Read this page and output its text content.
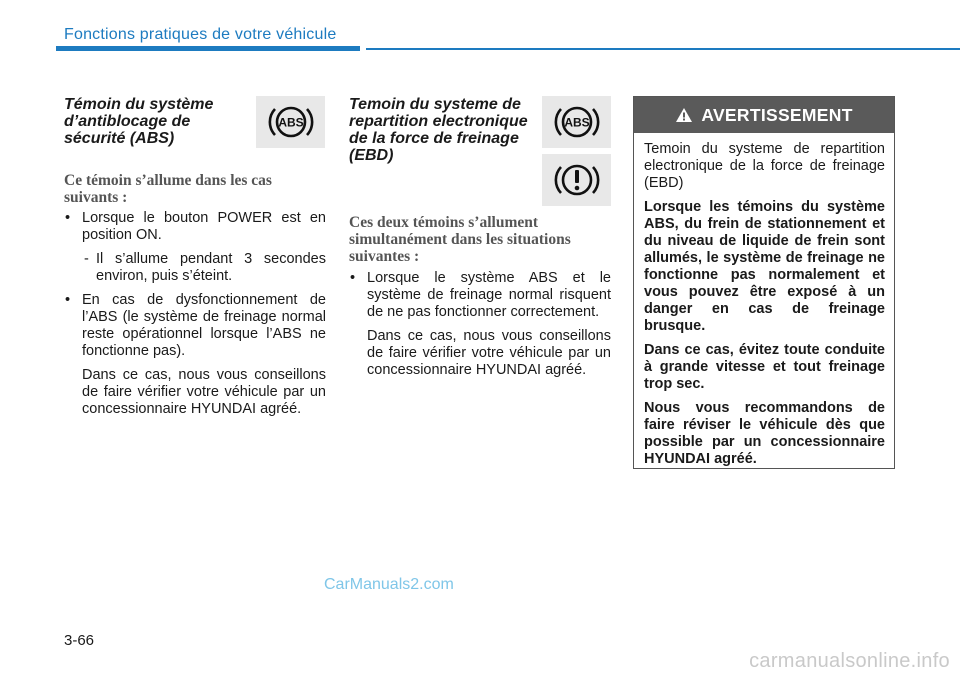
Fonctions pratiques de votre véhicule
Témoin du système d’antiblocage de sécurité (ABS)
ABS

Ce témoin s’allume dans les cas suivants :

• Lorsque le bouton POWER est en position ON.

- Il s’allume pendant 3 secondes environ, puis s’éteint.

• En cas de dysfonctionnement de l’ABS (le système de freinage normal reste opérationnel lorsque l’ABS ne fonctionne pas).

Dans ce cas, nous vous conseillons de faire vérifier votre véhicule par un concessionnaire HYUNDAI agréé.

Temoin du systeme de repartition electronique de la force de freinage (EBD)
ABS

Ces deux témoins s’allument simultanément dans les situations suivantes :

• Lorsque le système ABS et le système de freinage normal risquent de ne pas fonctionner correctement.

Dans ce cas, nous vous conseillons de faire vérifier votre véhicule par un concessionnaire HYUNDAI agréé.

AVERTISSEMENT

Temoin du systeme de repartition electronique de la force de freinage (EBD)

Lorsque les témoins du système ABS, du frein de stationnement et du niveau de liquide de frein sont allumés, le système de freinage ne fonctionne pas normalement et vous pouvez être exposé à un danger en cas de freinage brusque.

Dans ce cas, évitez toute conduite à grande vitesse et tout freinage trop sec.

Nous vous recommandons de faire réviser le véhicule dès que possible par un concessionnaire HYUNDAI agréé.

CarManuals2.com
3-66
carmanualsonline.info
